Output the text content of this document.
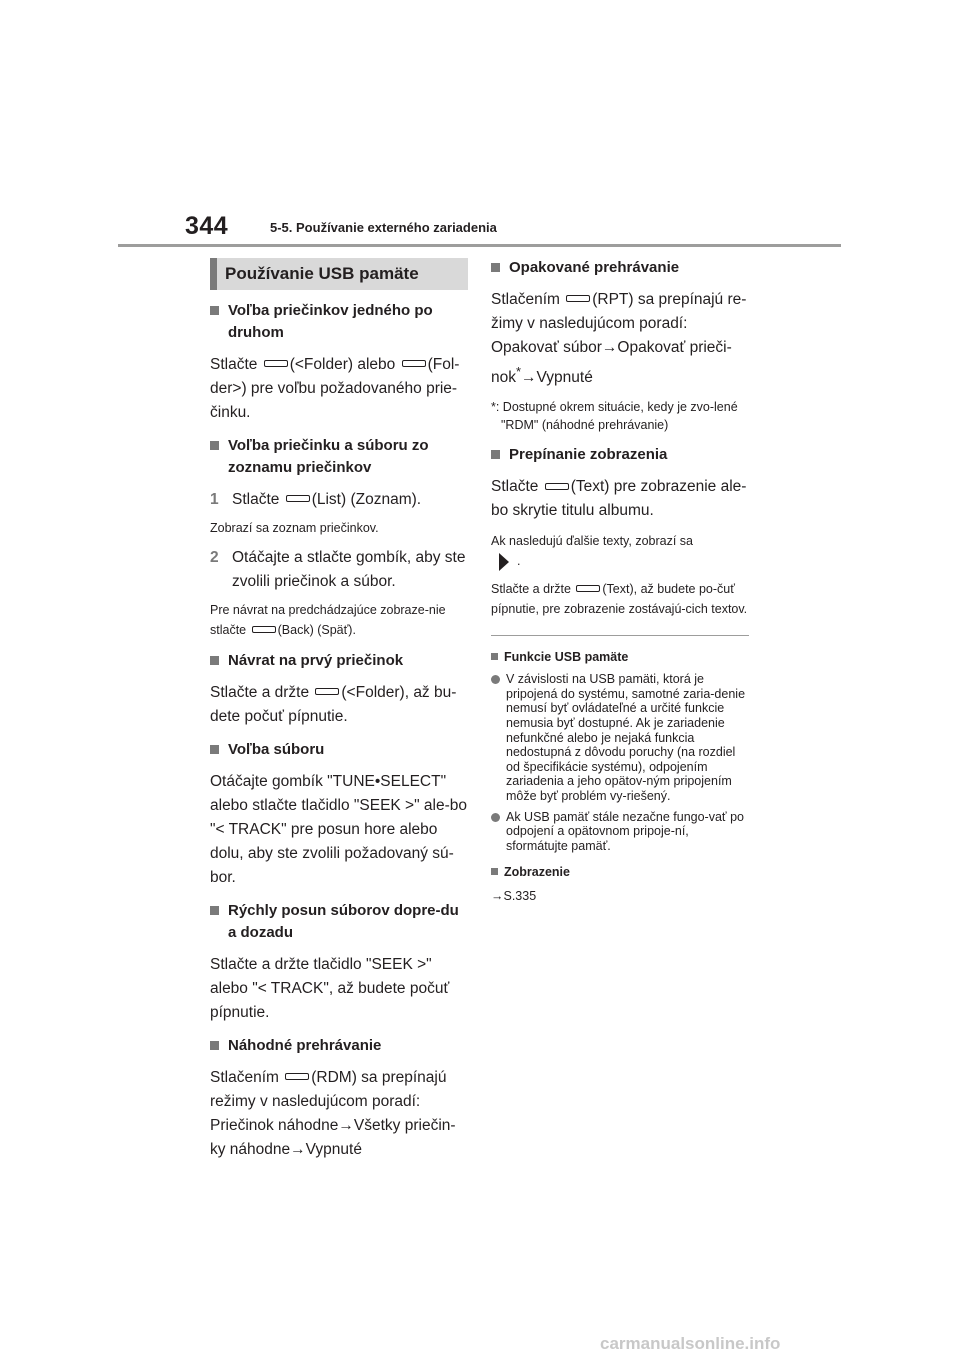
344	5-5. Používanie externého zariadenia
Používanie USB pamäte
Voľba priečinkov jedného po druhom

Stlačte (<Folder) alebo (Fol-der>) pre voľbu požadovaného prie-činku.

Voľba priečinku a súboru zo zoznamu priečinkov
1 Stlačte (List) (Zoznam).

Zobrazí sa zoznam priečinkov.

2 Otáčajte a stlačte gombík, aby ste zvolili priečinok a súbor.

Pre návrat na predchádzajúce zobraze-nie stlačte	(Back) (Späť).

Návrat na prvý priečinok

Stlačte a držte (<Folder), až bu-dete počuť pípnutie.

Voľba súboru

Otáčajte gombík "TUNE•SELECT" alebo stlačte tlačidlo "SEEK >" ale-bo "< TRACK" pre posun hore alebo dolu, aby ste zvolili požadovaný sú-bor.

Rýchly posun súborov dopre-du a dozadu

Stlačte a držte tlačidlo "SEEK >" alebo "< TRACK", až budete počuť pípnutie.

Náhodné prehrávanie

Stlačením (RDM) sa prepínajú režimy v nasledujúcom poradí:
Priečinok náhodne→Všetky priečin-ky náhodne→Vypnuté

Opakované prehrávanie

Stlačením (RPT) sa prepínajú re-žimy v nasledujúcom poradí:
Opakovať súbor→Opakovať prieči-nok*→Vypnuté

*: Dostupné okrem situácie, kedy je zvo-lené "RDM" (náhodné prehrávanie)

Prepínanie zobrazenia

Stlačte (Text) pre zobrazenie ale-bo skrytie titulu albumu.

Ak nasledujú ďalšie texty, zobrazí sa
.

Stlačte a držte	(Text), až budete po-čuť pípnutie, pre zobrazenie zostávajú-cich textov.

Funkcie USB pamäte
V závislosti na USB pamäti, ktorá je pripojená do systému, samotné zaria-denie nemusí byť ovládateľné a určité funkcie nemusia byť dostupné. Ak je zariadenie nefunkčné alebo je nejaká funkcia nedostupná z dôvodu poruchy (na rozdiel od špecifikácie systému), odpojením zariadenia a jeho opätov-ným pripojením môže byť problém vy-riešený.
Ak USB pamäť stále nezačne fungo-vať po odpojení a opätovnom pripoje-ní, sformátujte pamäť.
Zobrazenie
→S.335
carmanualsonline.info
